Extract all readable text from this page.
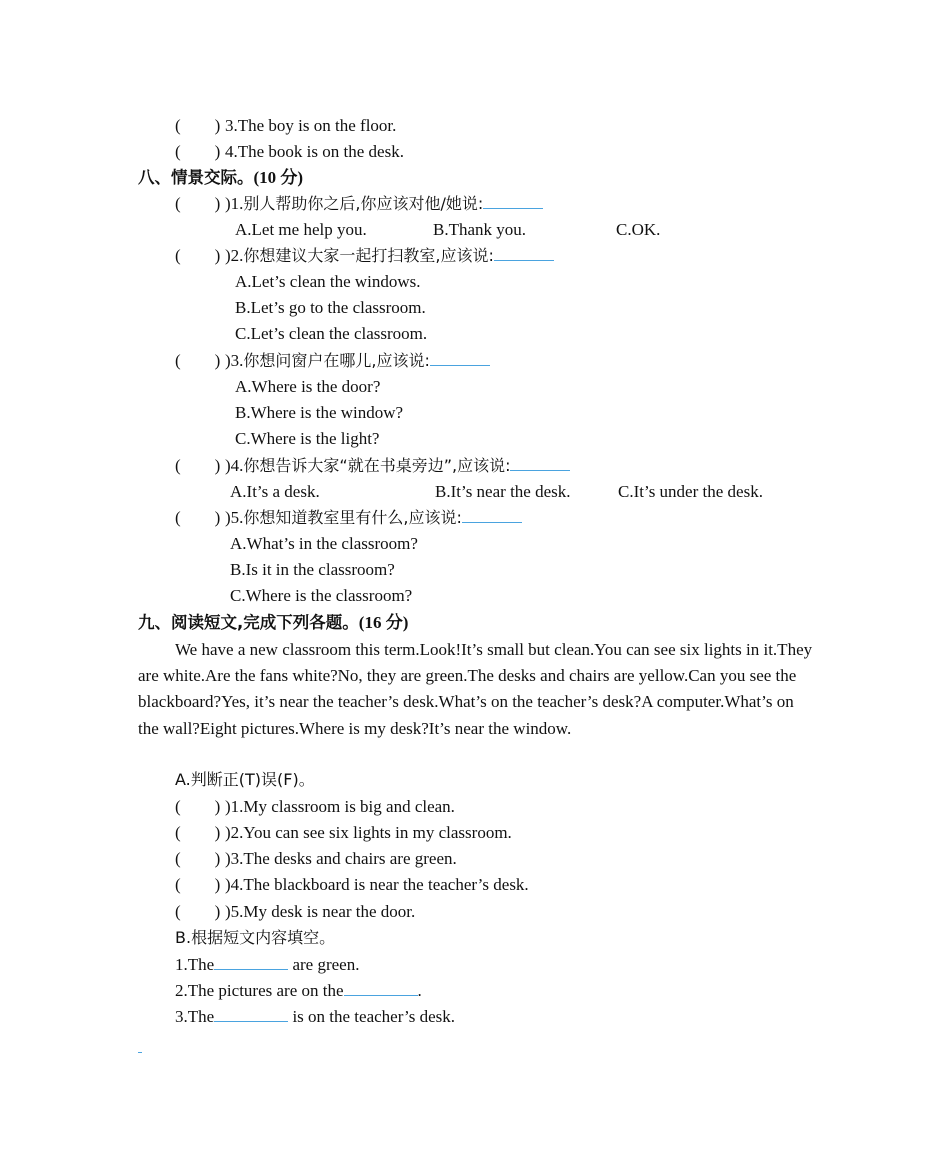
(        ) 3.The boy is on the floor.
(        ) 4.The book is on the desk.
八、情景交际。(10 分)
(        ) )1.别人帮助你之后,你应该对他/她说:
A.Let me help you.	B.Thank you.	C.OK.
(        ) )2.你想建议大家一起打扫教室,应该说:
A.Let’s clean the windows.
B.Let’s go to the classroom.
C.Let’s clean the classroom.
(        ) )3.你想问窗户在哪儿,应该说:
A.Where is the door?
B.Where is the window?
C.Where is the light?
(        ) )4.你想告诉大家“就在书桌旁边”,应该说:
A.It’s a desk.	B.It’s near the desk.	C.It’s under the desk.
(        ) )5.你想知道教室里有什么,应该说:
A.What’s in the classroom?
B.Is it in the classroom?
C.Where is the classroom?
九、阅读短文,完成下列各题。(16 分)
We have a new classroom this term.Look!It’s small but clean.You can see six lights in it.They are white.Are the fans white?No, they are green.The desks and chairs are yellow.Can you see the blackboard?Yes, it’s near the teacher’s desk.What’s on the teacher’s desk?A computer.What’s on the wall?Eight pictures.Where is my desk?It’s near the window.
A.判断正(T)误(F)。
(        ) )1.My classroom is big and clean.
(        ) )2.You can see six lights in my classroom.
(        ) )3.The desks and chairs are green.
(        ) )4.The blackboard is near the teacher’s desk.
(        ) )5.My desk is near the door.
B.根据短文内容填空。
1.The	are green.
2.The pictures are on the	.
3.The	is on the teacher’s desk.
